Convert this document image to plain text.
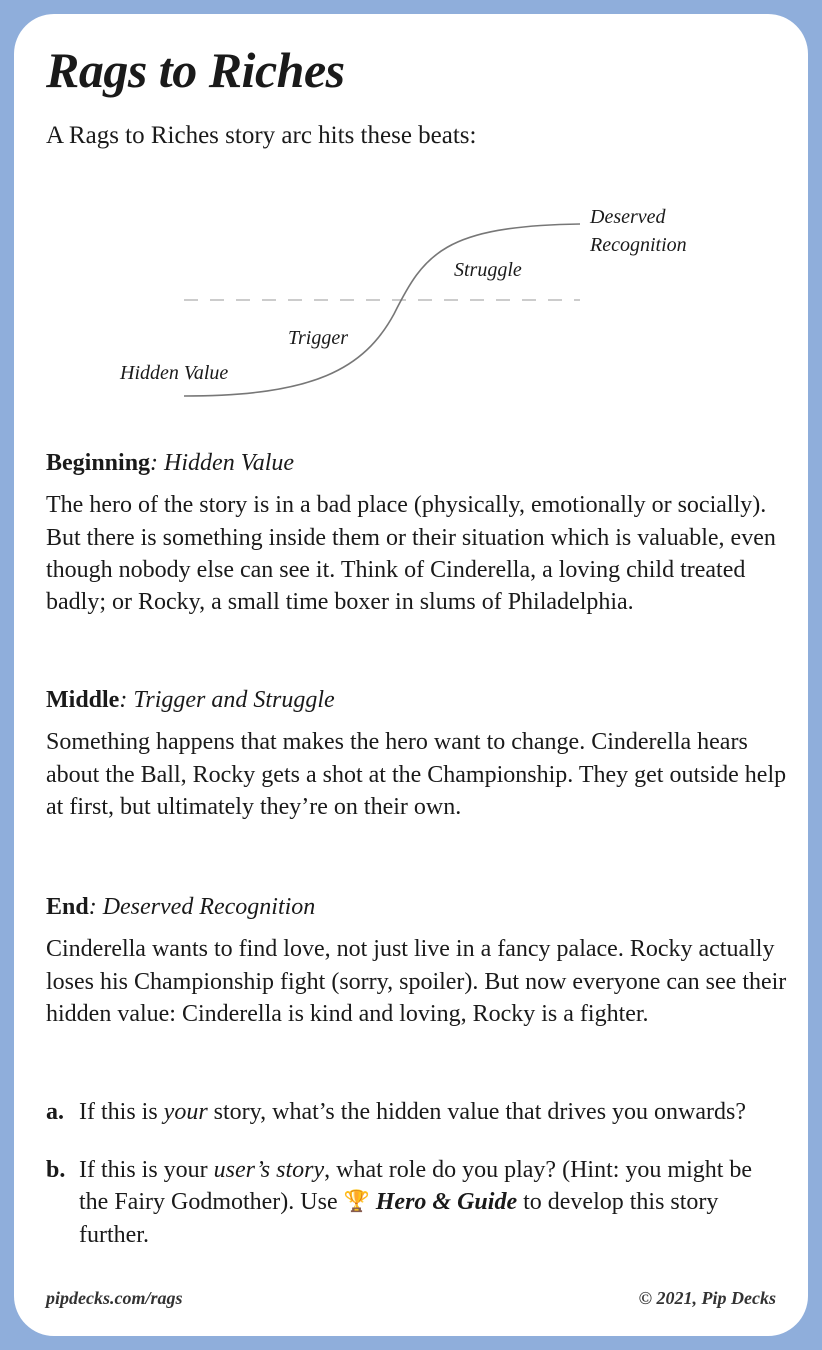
Rags to Riches
A Rags to Riches story arc hits these beats:
Hidden Value
Trigger
Struggle
Deserved
Recognition
Beginning: Hidden Value

The hero of the story is in a bad place (physically, emotionally or socially). But there is something inside them or their situation which is valuable, even though nobody else can see it. Think of Cinderella, a loving child treated badly; or Rocky, a small time boxer in slums of Philadelphia.

Middle: Trigger and Struggle

Something happens that makes the hero want to change. Cinderella hears about the Ball, Rocky gets a shot at the Championship. They get outside help at first, but ultimately they’re on their own.

End: Deserved Recognition

Cinderella wants to find love, not just live in a fancy palace. Rocky actually loses his Championship fight (sorry, spoiler). But now everyone can see their hidden value: Cinderella is kind and loving, Rocky is a fighter.

a. If this is your story, what’s the hidden value that drives you onwards?
b. If this is your user’s story, what role do you play? (Hint: you might be the Fairy Godmother). Use 🏆 Hero & Guide to develop this story further.
pipdecks.com/rags	© 2021, Pip Decks
